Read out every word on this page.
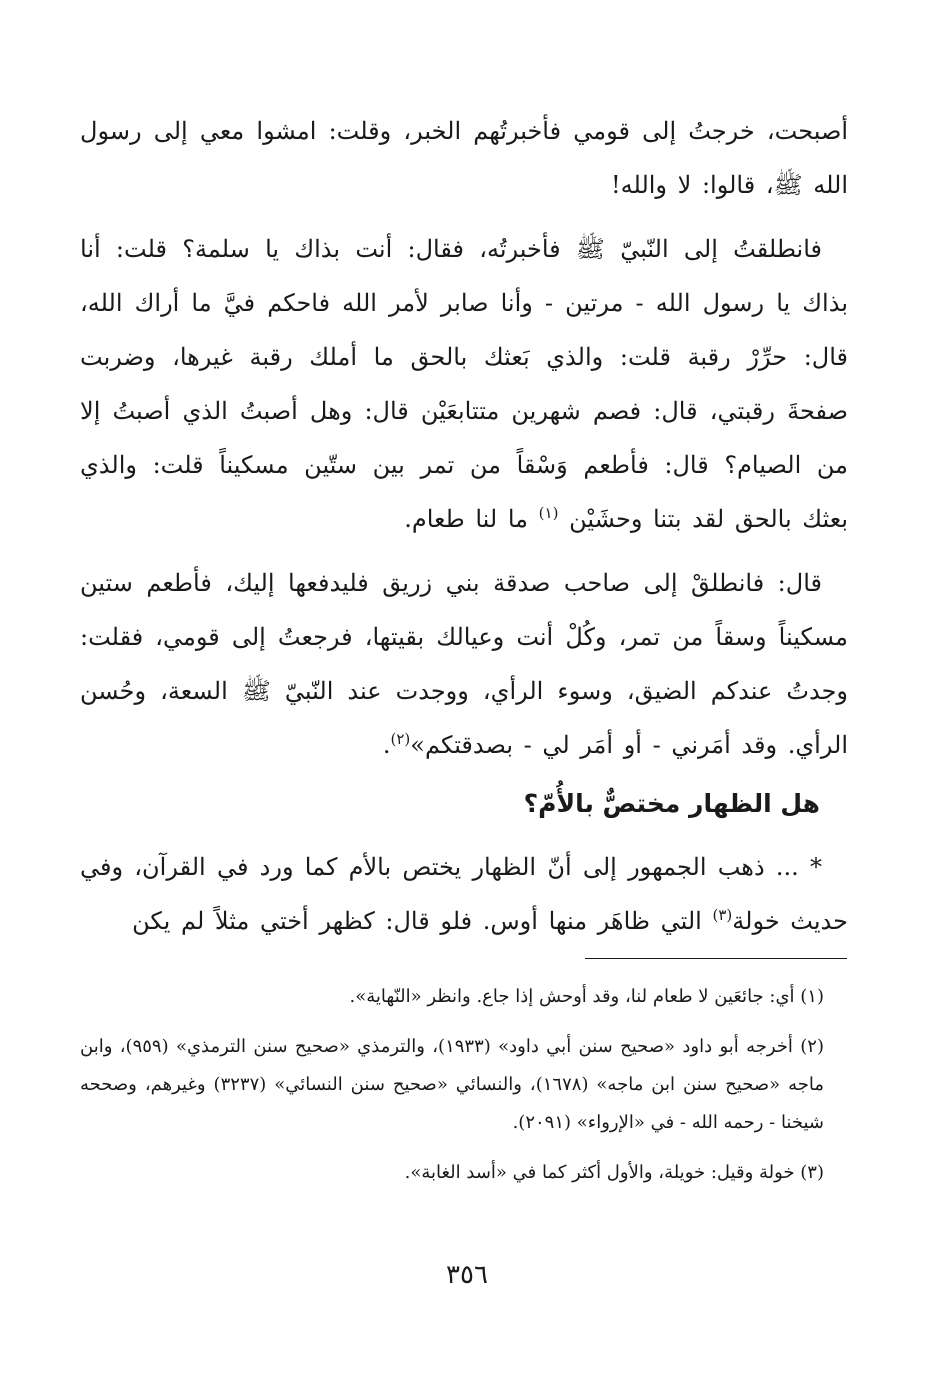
أصبحت، خرجتُ إلى قومي فأخبرتُهم الخبر، وقلت: امشوا معي إلى رسول الله ﷺ، قالوا: لا والله!

فانطلقتُ إلى النّبيّ ﷺ فأخبرتُه، فقال: أنت بذاك يا سلمة؟ قلت: أنا بذاك يا رسول الله - مرتين - وأنا صابر لأمر الله فاحكم فيَّ ما أراك الله، قال: حرِّرْ رقبة قلت: والذي بَعثك بالحق ما أملك رقبة غيرها، وضربت صفحةَ رقبتي، قال: فصم شهرين متتابعَيْن قال: وهل أصبتُ الذي أصبتُ إلا من الصيام؟ قال: فأطعم وَسْقاً من تمر بين ستّين مسكيناً قلت: والذي بعثك بالحق لقد بتنا وحشَيْن $^{(١)}$ ما لنا طعام.

قال: فانطلقْ إلى صاحب صدقة بني زريق فليدفعها إليك، فأطعم ستين مسكيناً وسقاً من تمر، وكُلْ أنت وعيالك بقيتها، فرجعتُ إلى قومي، فقلت: وجدتُ عندكم الضيق، وسوء الرأي، ووجدت عند النّبيّ ﷺ السعة، وحُسن الرأي. وقد أمَرني - أو أمَر لي - بصدقتكم»$^{(٢)}$.

هل الظهار مختصٌّ بالأُمّ؟

* ... ذهب الجمهور إلى أنّ الظهار يختص بالأم كما ورد في القرآن، وفي حديث خولة$^{(٣)}$ التي ظاهَر منها أوس. فلو قال: كظهر أختي مثلاً لم يكن

(١) أي: جائعَين لا طعام لنا، وقد أوحش إذا جاع. وانظر «النّهاية».

(٢) أخرجه أبو داود «صحيح سنن أبي داود» (١٩٣٣)، والترمذي «صحيح سنن الترمذي» (٩٥٩)، وابن ماجه «صحيح سنن ابن ماجه» (١٦٧٨)، والنسائي «صحيح سنن النسائي» (٣٢٣٧) وغيرهم، وصححه شيخنا - رحمه الله - في «الإرواء» (٢٠٩١).

(٣) خولة وقيل: خويلة، والأول أكثر كما في «أسد الغابة».

٣٥٦
